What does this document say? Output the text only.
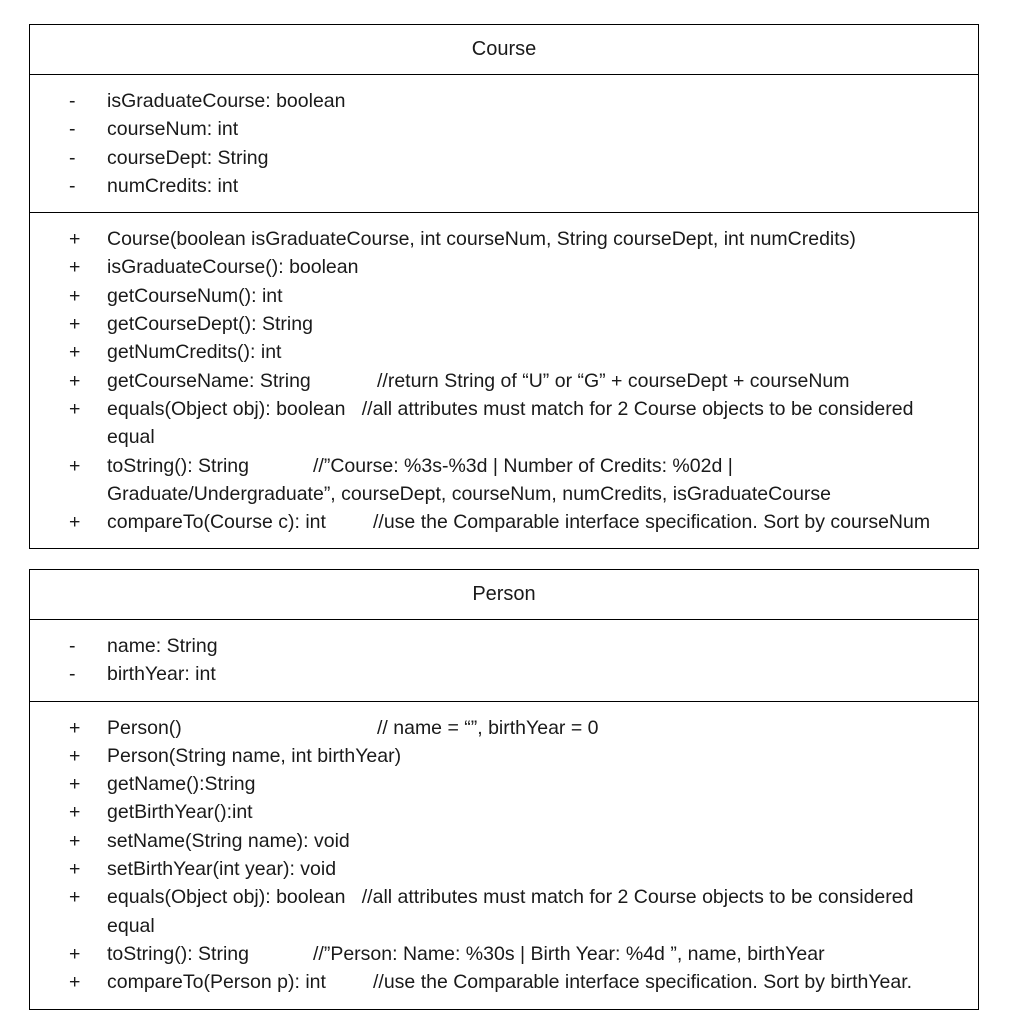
Course
-	isGraduateCourse: boolean
-	courseNum: int
-	courseDept: String
-	numCredits: int
+	Course(boolean isGraduateCourse, int courseNum, String courseDept, int numCredits)
+	isGraduateCourse(): boolean
+	getCourseNum(): int
+	getCourseDept(): String
+	getNumCredits(): int
+	getCourseName: String	//return String of “U” or “G” + courseDept + courseNum
+	equals(Object obj): boolean //all attributes must match for 2 Course objects to be considered equal
+	toString(): String	//”Course: %3s-%3d | Number of Credits: %02d | Graduate/Undergraduate”, courseDept, courseNum, numCredits, isGraduateCourse
+	compareTo(Course c): int //use the Comparable interface specification. Sort by courseNum
Person
-	name: String
-	birthYear: int
+	Person()	// name = “”, birthYear = 0
+	Person(String name, int birthYear)
+	getName():String
+	getBirthYear():int
+	setName(String name): void
+	setBirthYear(int year): void
+	equals(Object obj): boolean //all attributes must match for 2 Course objects to be considered equal
+	toString(): String	//”Person: Name: %30s | Birth Year: %4d ”, name, birthYear
+	compareTo(Person p): int //use the Comparable interface specification. Sort by birthYear.
